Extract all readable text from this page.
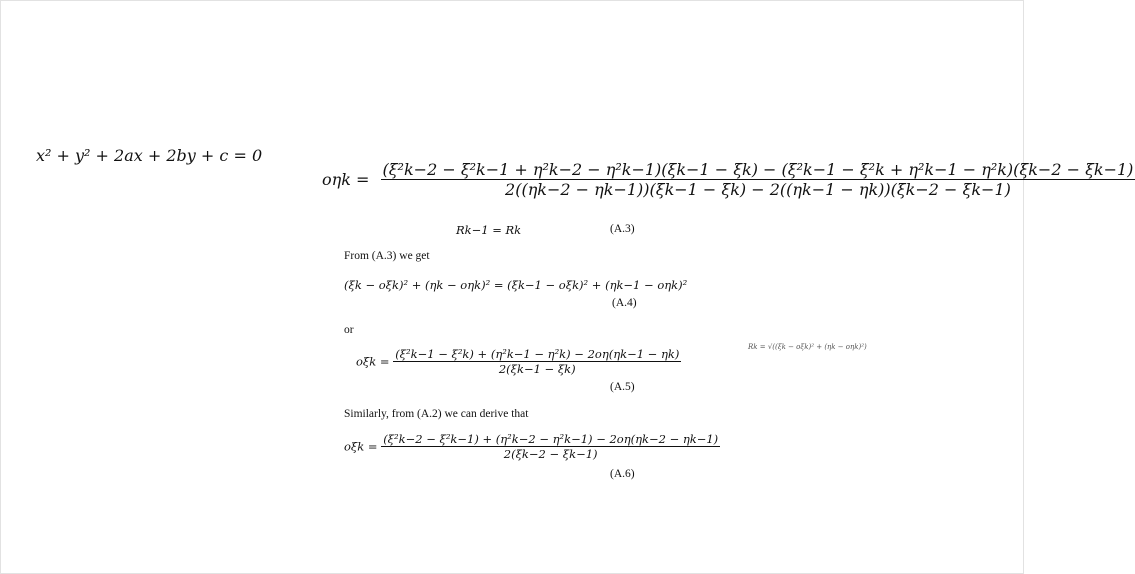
x² + y² + 2ax + 2by + c = 0
oηk =
(ξ²k−2 − ξ²k−1 + η²k−2 − η²k−1)(ξk−1 − ξk) − (ξ²k−1 − ξ²k + η²k−1 − η²k)(ξk−2 − ξk−1)
2((ηk−2 − ηk−1))(ξk−1 − ξk) − 2((ηk−1 − ηk))(ξk−2 − ξk−1)
Rk−1 = Rk	(A.3)
From (A.3) we get
(ξk − oξk)² + (ηk − oηk)² = (ξk−1 − oξk)² + (ηk−1 − oηk)²
(A.4)
or
$o\xi k = \frac{\text{(ξ²k−1 − ξ²k) + (η²k−1 − η²k) − 2oη(ηk−1 − ηk)}}{2(\xi k-1 - \xi k)}$
(A.5)
Similarly, from (A.2) we can derive that
$o\xi k = \frac{\text{(ξ²k−2 − ξ²k−1) + (η²k−2 − η²k−1) − 2oη(ηk−2 − ηk−1)}}{2(\xi k-2 - \xi k-1)}$
(A.6)
Rk = √((ξk − oξk)² + (ηk − oηk)²)
